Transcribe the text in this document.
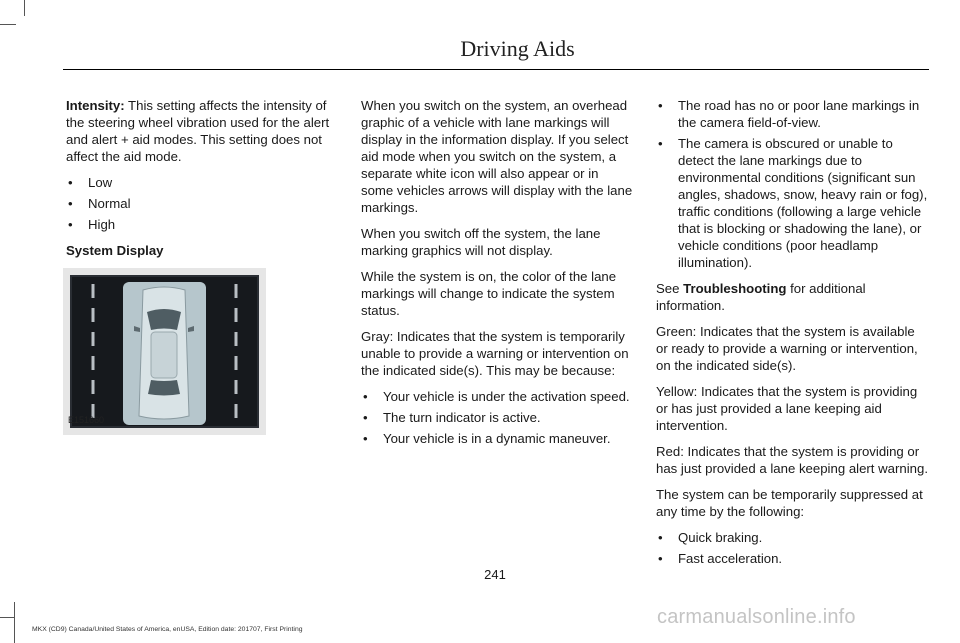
Driving Aids

Intensity: This setting affects the intensity of the steering wheel vibration used for the alert and alert + aid modes. This setting does not affect the aid mode.

• Low
• Normal
• High

System Display

E151660

When you switch on the system, an overhead graphic of a vehicle with lane markings will display in the information display. If you select aid mode when you switch on the system, a separate white icon will also appear or in some vehicles arrows will display with the lane markings.

When you switch off the system, the lane marking graphics will not display.

While the system is on, the color of the lane markings will change to indicate the system status.

Gray: Indicates that the system is temporarily unable to provide a warning or intervention on the indicated side(s). This may be because:

• Your vehicle is under the activation speed.
• The turn indicator is active.
• Your vehicle is in a dynamic maneuver.
• The road has no or poor lane markings in the camera field-of-view.
• The camera is obscured or unable to detect the lane markings due to environmental conditions (significant sun angles, shadows, snow, heavy rain or fog), traffic conditions (following a large vehicle that is blocking or shadowing the lane), or vehicle conditions (poor headlamp illumination).

See Troubleshooting for additional information.

Green: Indicates that the system is available or ready to provide a warning or intervention, on the indicated side(s).

Yellow: Indicates that the system is providing or has just provided a lane keeping aid intervention.

Red: Indicates that the system is providing or has just provided a lane keeping alert warning.

The system can be temporarily suppressed at any time by the following:

• Quick braking.
• Fast acceleration.
241
MKX (CD9) Canada/United States of America, enUSA, Edition date: 201707, First Printing
carmanualsonline.info
